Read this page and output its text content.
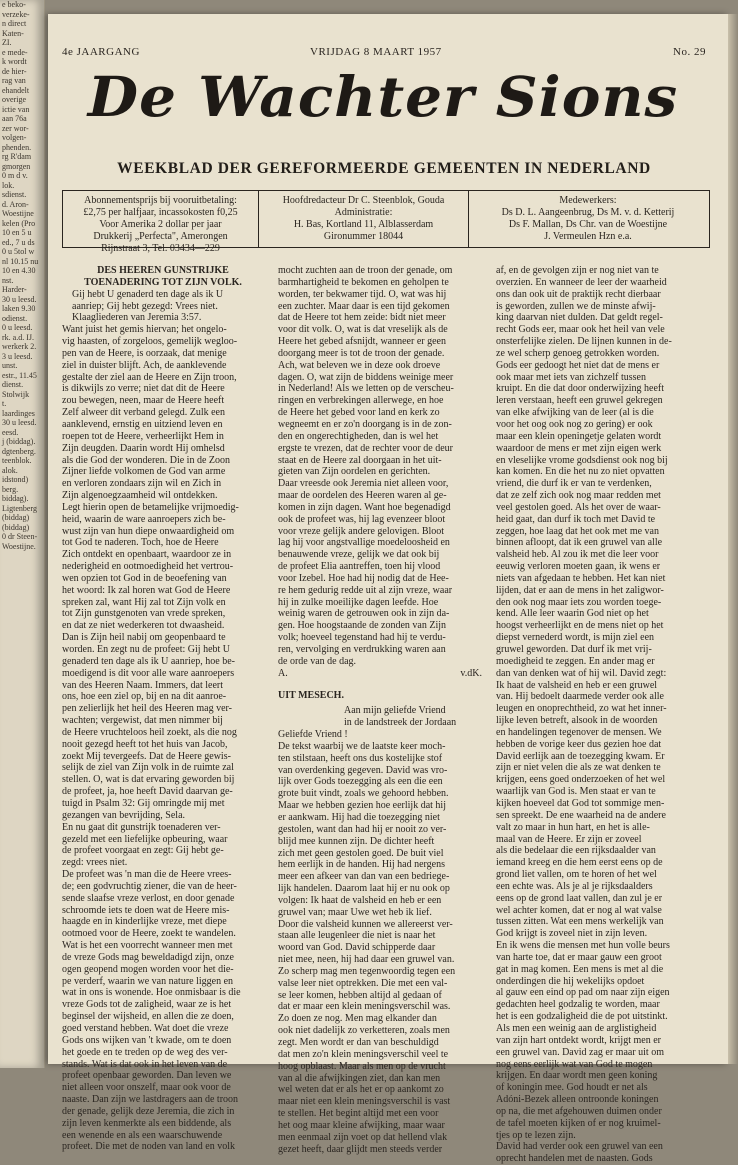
e beko-
verzeke-
n direct
Katen-
ZI.
e mede-
k wordt
de hier-
rag van
ehandelt
overige
ictie van
aan 76a
zer wor-
volgen-
phenden.
rg R'dam
gmorgen
0 m d v.
lok.
sdienst.
d. Aron-
Woestijne
kelen (Pro
10 en 5 u
ed., 7 u ds
0 u 5tol w
nl 10.15 nu
10 en 4.30
nst.
Harder-
30 u leesd.
laken 9.30
odienst.
0 u leesd.
rk. a.d. IJ.
werkerk 2.
3 u leesd.
unst.
estr., 11.45
dienst.
Stolwijk
t.
laardinges
30 u leesd.
eesd.
j (biddag).
dgtenberg.
teenblok.
alok.
idstond)
berg.
biddag).
Ligtenberg
(biddag)
(biddag)
0 dr Steen-
Woestijne.
4e JAARGANG	VRIJDAG 8 MAART 1957	No. 29
De Wachter Sions
WEEKBLAD DER GEREFORMEERDE GEMEENTEN IN NEDERLAND
Abonnementsprijs bij vooruitbetaling:
£2,75 per halfjaar, incassokosten f0,25
Voor Amerika 2 dollar per jaar
Drukkerij „Perfecta", Amerongen
Rijnstraat 3, Tel. 03434—229
Hoofdredacteur Dr C. Steenblok, Gouda
Administratie:
H. Bas, Kortland 11, Alblasserdam
Gironummer 18044
Medewerkers:
Ds D. L. Aangeenbrug, Ds M. v. d. Ketterij
Ds F. Mallan, Ds Chr. van de Woestijne
J. Vermeulen Hzn e.a.
DES HEEREN GUNSTRIJKE
TOENADERING TOT ZIJN VOLK.
Gij hebt U genaderd ten dage als ik U
aanriep; Gij hebt gezegd: Vrees niet.
Klaagliederen van Jeremia 3:57.
Want juist het gemis hiervan; het ongelo-
vig haasten, of zorgeloos, gemelijk wegloo-
pen van de Heere, is oorzaak, dat menige
ziel in duister blijft. Ach, de aanklevende
gestalte der ziel aan de Heere en Zijn troon,
is dikwijls zo verre; niet dat dit de Heere
zou bewegen, neen, maar de Heere heeft
Zelf alweer dit verband gelegd. Zulk een
aanklevend, ernstig en uitziend leven en
roepen tot de Heere, verheerlijkt Hem in
Zijn deugden. Daarin wordt Hij omhelsd
als die God der wonderen. Die in de Zoon
Zijner liefde volkomen de God van arme
en verloren zondaars zijn wil en Zich in
Zijn algenoegzaamheid wil ontdekken.
Legt hierin open de betamelijke vrijmoedig-
heid, waarin de ware aanroepers zich be-
wust zijn van hun diepe onwaardigheid om
tot God te naderen. Toch, hoe de Heere
Zich ontdekt en openbaart, waardoor ze in
nederigheid en ootmoedigheid het vertrou-
wen opzien tot God in de beoefening van
het woord: Ik zal horen wat God de Heere
spreken zal, want Hij zal tot Zijn volk en
tot Zijn gunstgenoten van vrede spreken,
en dat ze niet wederkeren tot dwaasheid.
Dan is Zijn heil nabij om geopenbaard te
worden. En zegt nu de profeet: Gij hebt U
genaderd ten dage als ik U aanriep, hoe be-
moedigend is dit voor alle ware aanroepers
van des Heeren Naam. Immers, dat leert
ons, hoe een ziel op, bij en na dit aanroe-
pen zelierlijk het heil des Heeren mag ver-
wachten; vergewist, dat men nimmer bij
de Heere vruchteloos heil zoekt, als die nog
nooit gezegd heeft tot het huis van Jacob,
zoekt Mij tevergeefs. Dat de Heere gewis-
selijk de ziel van Zijn volk in de ruimte zal
stellen. O, wat is dat ervaring geworden bij
de profeet, ja, hoe heeft David daarvan ge-
tuigd in Psalm 32: Gij omringde mij met
gezangen van bevrijding, Sela.
En nu gaat dit gunstrijk toenaderen ver-
gezeld met een liefelijke opbeuring, waar
de profeet voorgaat en zegt: Gij hebt ge-
zegd: vrees niet.
De profeet was 'n man die de Heere vrees-
de; een godvruchtig ziener, die van de heer-
sende slaafse vreze verlost, en door genade
schroomde iets te doen wat de Heere mis-
haagde en in kinderlijke vreze, met diepe
ootmoed voor de Heere, zoekt te wandelen.
Wat is het een voorrecht wanneer men met
de vreze Gods mag beweldadigd zijn, onze
ogen geopend mogen worden voor het die-
pe verderf, waarin we van nature liggen en
wat in ons is wonende. Hoe onmisbaar is die
vreze Gods tot de zaligheid, waar ze is het
beginsel der wijsheid, en allen die ze doen,
goed verstand hebben. Wat doet die vreze
Gods ons wijken van 't kwade, om te doen
het goede en te treden op de weg des ver-
stands. Wat is dat ook in het leven van de
profeet openbaar geworden. Dan leven we
niet alleen voor onszelf, maar ook voor de
naaste. Dan zijn we lastdragers aan de troon
der genade, gelijk deze Jeremia, die zich in
zijn leven kenmerkte als een biddende, als
een wenende en als een waarschuwende
profeet. Die met de noden van land en volk
mocht zuchten aan de troon der genade, om
barmhartigheid te bekomen en geholpen te
worden, ter bekwamer tijd. O, wat was hij
een zuchter. Maar daar is een tijd gekomen
dat de Heere tot hem zeide: bidt niet meer
voor dit volk. O, wat is dat vreselijk als de
Heere het gebed afsnijdt, wanneer er geen
doorgang meer is tot de troon der genade.
Ach, wat beleven we in deze ook droeve
dagen. O, wat zijn de biddens weinige meer
in Nederland! Als we letten op de verscheu-
ringen en verbrekingen allerwege, en hoe
de Heere het gebed voor land en kerk zo
wegneemt en er zo'n doorgang is in de zon-
den en ongerechtigheden, dan is wel het
ergste te vrezen, dat de rechter voor de deur
staat en de Heere zal doorgaan in het uit-
gieten van Zijn oordelen en gerichten.
Daar vreesde ook Jeremia niet alleen voor,
maar de oordelen des Heeren waren al ge-
komen in zijn dagen. Want hoe begenadigd
ook de profeet was, hij lag evenzeer bloot
voor vreze gelijk andere gelovigen. Bloot
lag hij voor angstvallige moedeloosheid en
benauwende vreze, gelijk we dat ook bij
de profeet Elia aantreffen, toen hij vlood
voor Izebel. Hoe had hij nodig dat de Hee-
re hem gedurig redde uit al zijn vreze, waar
hij in zulke moeilijke dagen leefde. Hoe
weinig waren de getrouwen ook in zijn da-
gen. Hoe hoogstaande de zonden van Zijn
volk; hoeveel tegenstand had hij te verdu-
ren, vervolging en verdrukking waren aan
de orde van de dag.
A.	v.dK.
UIT MESECH.
Aan mijn geliefde Vriend
in de landstreek der Jordaan
Geliefde Vriend !
De tekst waarbij we de laatste keer moch-
ten stilstaan, heeft ons dus kostelijke stof
van overdenking gegeven. David was vro-
lijk over Gods toezegging als een die een
grote buit vindt, zoals we gehoord hebben.
Maar we hebben gezien hoe eerlijk dat hij
er aankwam. Hij had die toezegging niet
gestolen, want dan had hij er nooit zo ver-
blijd mee kunnen zijn. De dichter heeft
zich met geen gestolen goed. De buit viel
hem eerlijk in de handen. Hij had nergens
meer een afkeer van dan van een bedriege-
lijk handelen. Daarom laat hij er nu ook op
volgen: Ik haat de valsheid en heb er een
gruwel van; maar Uwe wet heb ik lief.
Door die valsheid kunnen we allereerst ver-
staan alle leugenleer die niet is naar het
woord van God. David schipperde daar
niet mee, neen, hij had daar een gruwel van.
Zo scherp mag men tegenwoordig tegen een
valse leer niet optrekken. Die met een val-
se leer komen, hebben altijd al gedaan of
dat er maar een klein meningsverschil was.
Zo doen ze nog. Men mag elkander dan
ook niet dadelijk zo verketteren, zoals men
zegt. Men wordt er dan van beschuldigd
dat men zo'n klein meningsverschil veel te
hoog opblaast. Maar als men op de vrucht
van al die afwijkingen ziet, dan kan men
wel weten dat er als het er op aankomt zo
maar niet een klein meningsverschil is vast
te stellen. Het begint altijd met een voor
het oog maar kleine afwijking, maar waar
men eenmaal zijn voet op dat hellend vlak
gezet heeft, daar glijdt men steeds verder
af, en de gevolgen zijn er nog niet van te
overzien. En wanneer de leer der waarheid
ons dan ook uit de praktijk recht dierbaar
is geworden, zullen we de minste afwij-
king daarvan niet dulden. Dat geldt regel-
recht Gods eer, maar ook het heil van vele
onsterfelijke zielen. De lijnen kunnen in de-
ze wel scherp genoeg getrokken worden.
Gods eer gedoogt het niet dat de mens er
ook maar met iets van zichzelf tussen
kruipt. En die dat door onderwijzing heeft
leren verstaan, heeft een gruwel gekregen
van elke afwijking van de leer (al is die
voor het oog ook nog zo gering) er ook
maar een klein openingetje gelaten wordt
waardoor de mens er met zijn eigen werk
en vleselijke vrome godsdienst ook nog bij
kan komen. En die het nu zo niet opvatten
vriend, die durf ik er van te verdenken,
dat ze zelf zich ook nog maar redden met
veel gestolen goed. Als het over de waar-
heid gaat, dan durf ik toch met David te
zeggen, hoe laag dat het ook met me van
binnen afloopt, dat ik een gruwel van alle
valsheid heb. Al zou ik met die leer voor
eeuwig verloren moeten gaan, ik wens er
niets van afgedaan te hebben. Het kan niet
lijden, dat er aan de mens in het zaligwor-
den ook nog maar iets zou worden toege-
kend. Alle leer waarin God niet op het
hoogst verheerlijkt en de mens niet op het
diepst vernederd wordt, is mijn ziel een
gruwel geworden. Dat durf ik met vrij-
moedigheid te zeggen. En ander mag er
dan van denken wat of hij wil. David zegt:
Ik haat de valsheid en heb er een gruwel
van. Hij bedoelt daarmede verder ook alle
leugen en onoprechtheid, zo wat het inner-
lijke leven betreft, alsook in de woorden
en handelingen tegenover de mensen. We
hebben de vorige keer dus gezien hoe dat
David eerlijk aan de toezegging kwam. Er
zijn er niet velen die als ze wat denken te
krijgen, eens goed onderzoeken of het wel
waarlijk van God is. Men staat er van te
kijken hoeveel dat God tot sommige men-
sen spreekt. De ene waarheid na de andere
valt zo maar in hun hart, en het is alle-
maal van de Heere. Er zijn er zoveel
als die bedelaar die een rijksdaalder van
iemand kreeg en die hem eerst eens op de
grond liet vallen, om te horen of het wel
een echte was. Als je al je rijksdaalders
eens op de grond laat vallen, dan zul je er
wel achter komen, dat er nog al wat valse
tussen zitten. Wat een mens werkelijk van
God krijgt is zoveel niet in zijn leven.
En ik wens die mensen met hun volle beurs
van harte toe, dat er maar gauw een groot
gat in mag komen. Een mens is met al die
onderdingen die hij wekelijks opdoet
al gauw een eind op pad om naar zijn eigen
gedachten heel godzalig te worden, maar
het is een godzaligheid die de pot uitstinkt.
Als men een weinig aan de arglistigheid
van zijn hart ontdekt wordt, krijgt men er
een gruwel van. David zag er maar uit om
nog eens eerlijk wat van God te mogen
krijgen. En daar wordt men geen koning
of koningin mee. God houdt er net als
Adóni-Bezek alleen ontroonde koningen
op na, die met afgehouwen duimen onder
de tafel moeten kijken of er nog kruimel-
tjes op te lezen zijn.
David had verder ook een gruwel van een
oprecht handelen met de naasten. Gods
